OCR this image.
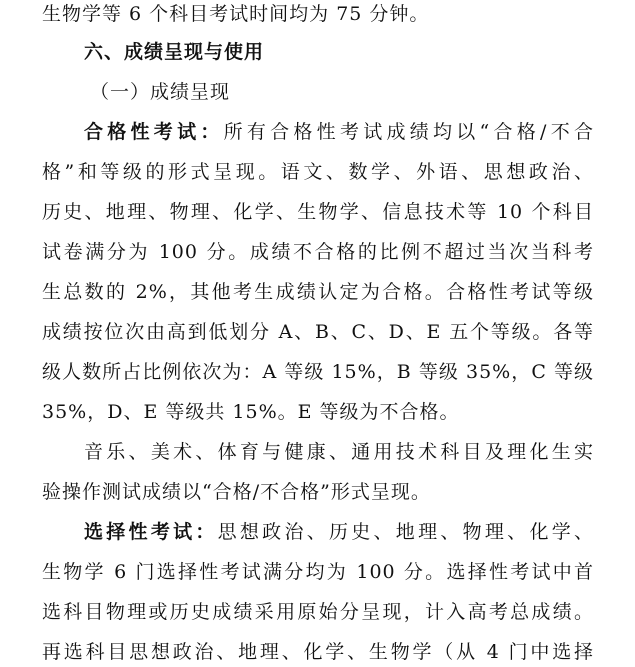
生物学等 6 个科目考试时间均为 75 分钟。
六、成绩呈现与使用
（一）成绩呈现
合格性考试：所有合格性考试成绩均以“合格/不合
格”和等级的形式呈现。语文、数学、外语、思想政治、
历史、地理、物理、化学、生物学、信息技术等 10 个科目
试卷满分为 100 分。成绩不合格的比例不超过当次当科考
生总数的 2%，其他考生成绩认定为合格。合格性考试等级
成绩按位次由高到低划分 A、B、C、D、E 五个等级。各等
级人数所占比例依次为：A 等级 15%，B 等级 35%，C 等级
35%，D、E 等级共 15%。E 等级为不合格。
音乐、美术、体育与健康、通用技术科目及理化生实
验操作测试成绩以“合格/不合格”形式呈现。
选择性考试：思想政治、历史、地理、物理、化学、
生物学 6 门选择性考试满分均为 100 分。选择性考试中首
选科目物理或历史成绩采用原始分呈现，计入高考总成绩。
再选科目思想政治、地理、化学、生物学（从 4 门中选择
